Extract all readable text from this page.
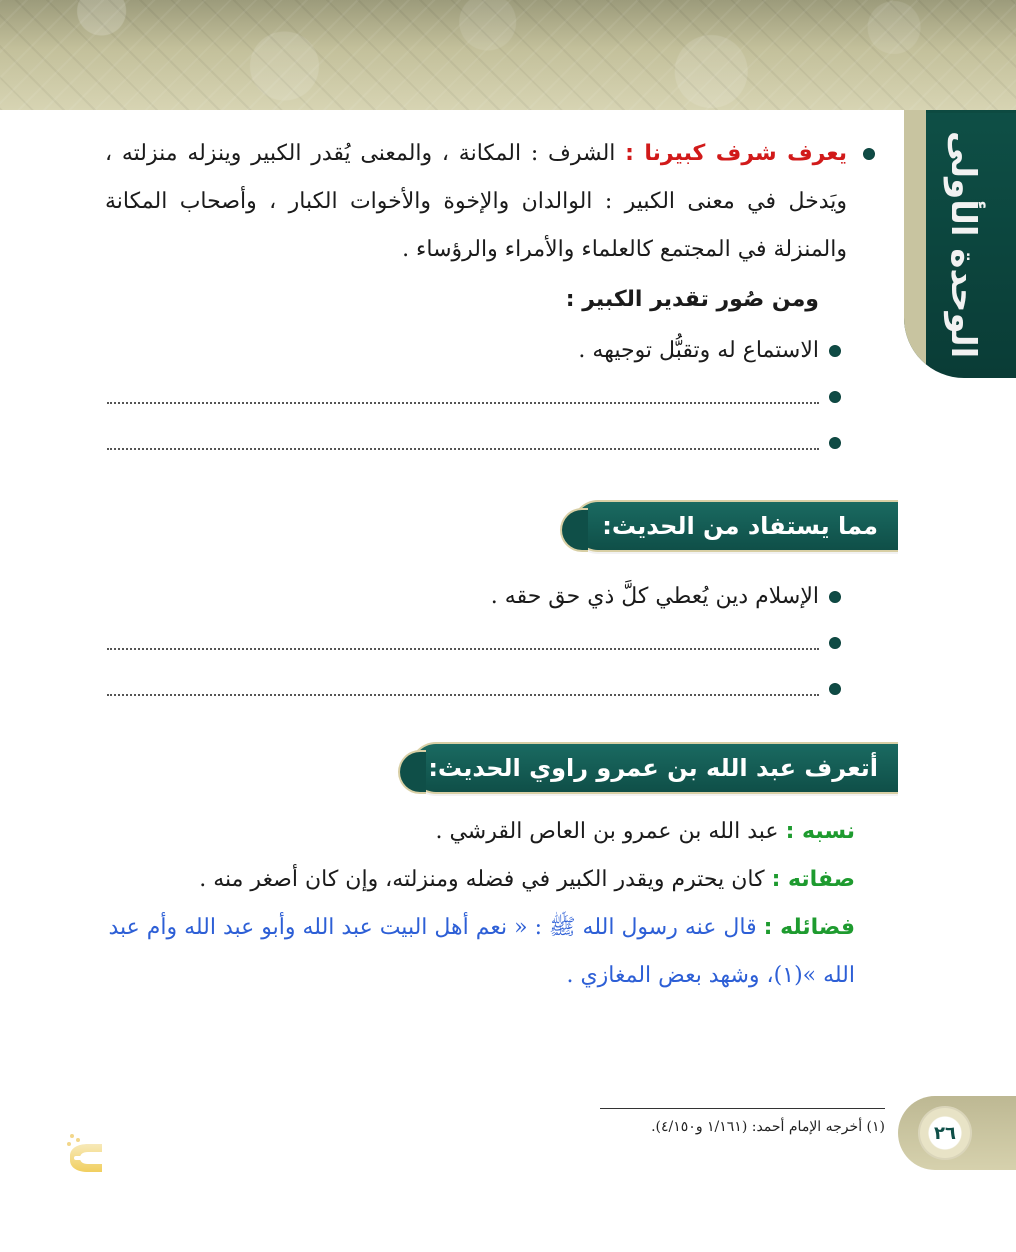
الوحدة الأولى

يعرف شرف كبيرنا : الشرف : المكانة ، والمعنى يُقدر الكبير وينزله منزلته ، ويَدخل في معنى الكبير : الوالدان والإخوة والأخوات الكبار ، وأصحاب المكانة والمنزلة في المجتمع كالعلماء والأمراء والرؤساء .

ومن صُور تقدير الكبير :
الاستماع له وتقبُّل توجيهه .
مما يستفاد من الحديث:
الإسلام دين يُعطي كلَّ ذي حق حقه .
أتعرف عبد الله بن عمرو راوي الحديث:
نسبه : عبد الله بن عمرو بن العاص القرشي .
صفاته : كان يحترم ويقدر الكبير في فضله ومنزلته، وإن كان أصغر منه .
فضائله : قال عنه رسول الله ﷺ : « نعم أهل البيت عبد الله وأبو عبد الله وأم عبد الله »(١)، وشهد بعض المغازي .
(١) أخرجه الإمام أحمد: (١/١٦١ و٤/١٥٠).	٢٦
